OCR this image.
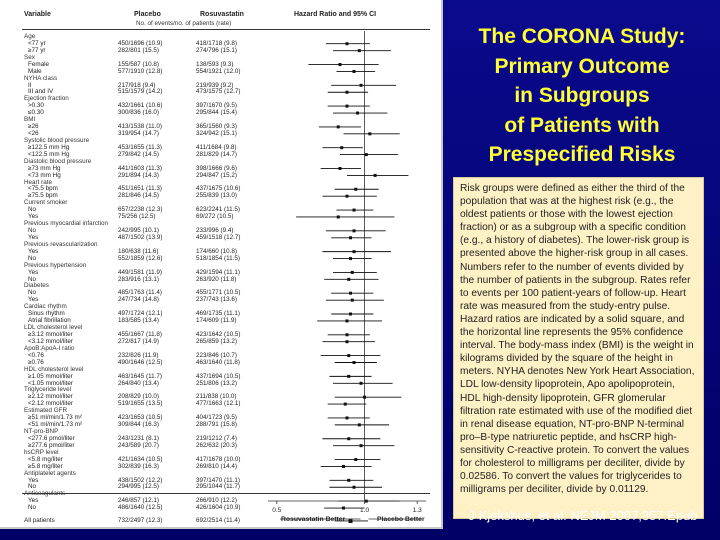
Variable	Placebo	Rosuvastatin	Hazard Ratio and 95% CI
No. of events/no. of patients (rate)
Age
<77 yr	450/1696 (10.9)	418/1718 (9.8)
≥77 yr	282/801 (15.5)	274/796 (15.1)
Sex
Female	155/587 (10.8)	138/593 (9.3)
Male	577/1910 (12.8)	554/1921 (12.0)
NYHA class
II	217/918 (9.4)	219/939 (9.2)
III and IV	515/1579 (14.2)	473/1575 (12.7)
Ejection fraction
>0.30	432/1661 (10.6)	397/1670 (9.5)
≤0.30	300/836 (16.0)	295/844 (15.4)
BMI
≥26	413/1538 (11.0)	365/1560 (9.3)
<26	319/954 (14.7)	324/942 (15.1)
Systolic blood pressure
≥122.5 mm Hg	453/1655 (11.3)	411/1684 (9.8)
<122.5 mm Hg	279/842 (14.5)	281/829 (14.7)
Diastolic blood pressure
≥73 mm Hg	441/1603 (11.3)	398/1666 (9.6)
<73 mm Hg	291/894 (14.3)	294/847 (15.2)
Heart rate
<75.5 bpm	451/1651 (11.3)	437/1675 (10.6)
≥75.5 bpm	281/846 (14.5)	255/839 (13.0)
Current smoker
No	657/2238 (12.3)	623/2241 (11.5)
Yes	75/256 (12.5)	69/272 (10.5)
Previous myocardial infarction
No	242/995 (10.1)	233/996 (9.4)
Yes	487/1502 (13.9)	459/1518 (12.7)
Previous revascularization
Yes	180/638 (11.6)	174/660 (10.8)
No	552/1859 (12.6)	518/1854 (11.5)
Previous hypertension
Yes	449/1581 (11.9)	429/1594 (11.1)
No	283/916 (13.1)	263/920 (11.8)
Diabetes
No	485/1763 (11.4)	455/1771 (10.5)
Yes	247/734 (14.8)	237/743 (13.6)
Cardiac rhythm
Sinus rhythm	497/1724 (12.1)	469/1735 (11.1)
Atrial fibrillation	183/585 (13.4)	174/609 (11.9)
LDL cholesterol level
≥3.12 mmol/liter	455/1667 (11.8)	423/1642 (10.5)
<3.12 mmol/liter	272/817 (14.9)	265/859 (13.2)
ApoB:ApoA-I ratio
<0.76	232/826 (11.9)	223/846 (10.7)
≥0.76	490/1646 (12.5)	463/1640 (11.8)
HDL cholesterol level
≥1.05 mmol/liter	463/1645 (11.7)	437/1694 (10.5)
<1.05 mmol/liter	264/840 (13.4)	251/806 (13.2)
Triglyceride level
≥2.12 mmol/liter	208/829 (10.0)	211/838 (10.0)
<2.12 mmol/liter	519/1655 (13.5)	477/1663 (12.1)
Estimated GFR
≥51 ml/min/1.73 m²	423/1653 (10.5)	404/1723 (9.5)
<51 ml/min/1.73 m²	309/844 (16.3)	288/791 (15.8)
NT-pro-BNP
<277.6 pmol/liter	243/1231 (8.1)	219/1212 (7.4)
≥277.6 pmol/liter	243/589 (20.7)	262/632 (20.3)
hsCRP level
<5.8 mg/liter	421/1634 (10.5)	417/1678 (10.0)
≥5.8 mg/liter	302/839 (16.3)	269/810 (14.4)
Antiplatelet agents
Yes	438/1502 (12.2)	397/1470 (11.1)
No	294/995 (12.5)	295/1044 (11.7)
Yes	246/857 (12.1)	266/910 (12.2)
No	486/1640 (12.5)	426/1604 (10.9)
All patients	732/2497 (12.3)	692/2514 (11.4)
0.5	1.0	1.3
Rosuvastatin Better	Placebo Better
The CORONA Study:
Primary Outcome
in Subgroups
of Patients with
Prespecified Risks
Risk groups were defined as either the third of the population that was at the highest risk (e.g., the oldest patients or those with the lowest ejection fraction) or as a subgroup with a specific condition (e.g., a history of diabetes). The lower-risk group is presented above the higher-risk group in all cases. Numbers refer to the number of events divided by the number of patients in the subgroup. Rates refer to events per 100 patient-years of follow-up. Heart rate was measured from the study-entry pulse. Hazard ratios are indicated by a solid square, and the horizontal line represents the 95% confidence interval. The body-mass index (BMI) is the weight in kilograms divided by the square of the height in meters. NYHA denotes New York Heart Association, LDL low-density lipoprotein, Apo apolipoprotein, HDL high-density lipoprotein, GFR glomerular filtration rate estimated with use of the modified diet in renal disease equation, NT-pro-BNP N-terminal pro–B-type natriuretic peptide, and hsCRP high-sensitivity C-reactive protein. To convert the values for cholesterol to milligrams per deciliter, divide by 0.02586. To convert the values for triglycerides to milligrams per deciliter, divide by 0.01129.
J Kjekshus, et al. NEJM 2007;357:Epub
